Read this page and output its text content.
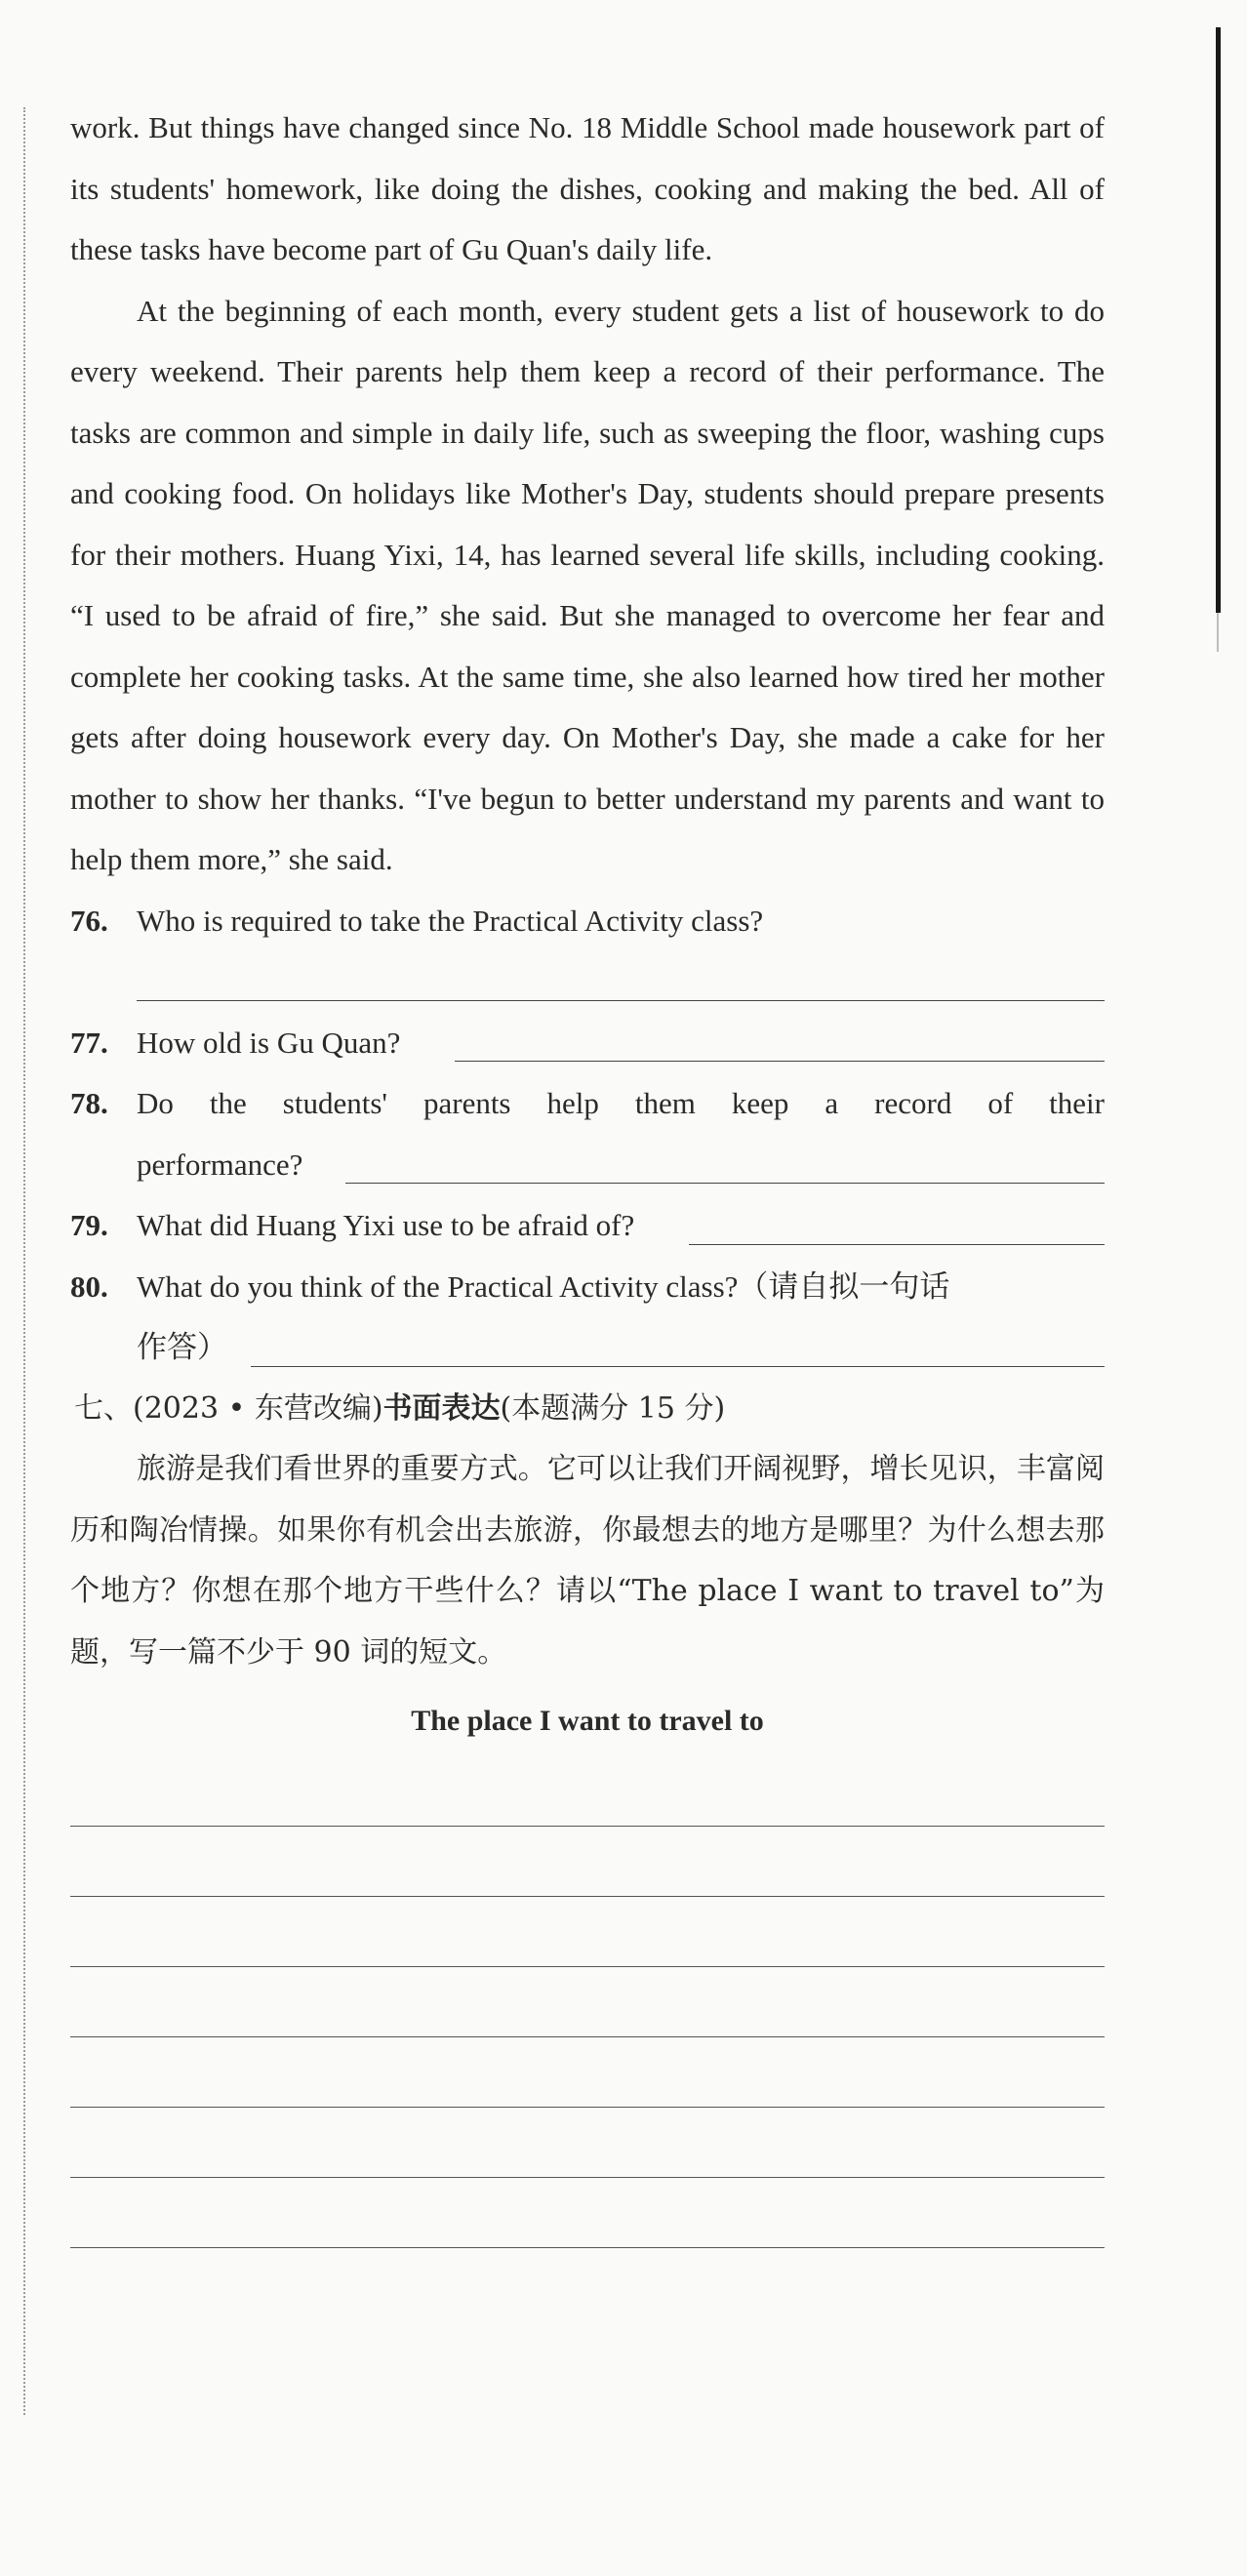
work. But things have changed since No. 18 Middle School made housework part of its students' homework, like doing the dishes, cooking and making the bed. All of these tasks have become part of Gu Quan's daily life.

At the beginning of each month, every student gets a list of housework to do every weekend. Their parents help them keep a record of their performance. The tasks are common and simple in daily life, such as sweeping the floor, washing cups and cooking food. On holidays like Mother's Day, students should prepare presents for their mothers. Huang Yixi, 14, has learned several life skills, including cooking. “I used to be afraid of fire,” she said. But she managed to overcome her fear and complete her cooking tasks. At the same time, she also learned how tired her mother gets after doing housework every day. On Mother's Day, she made a cake for her mother to show her thanks. “I've begun to better understand my parents and want to help them more,” she said.

76. Who is required to take the Practical Activity class?
77. How old is Gu Quan?
78. Do the students' parents help them keep a record of their
performance?
79. What did Huang Yixi use to be afraid of?
80. What do you think of the Practical Activity class?（请自拟一句话
作答）

七、(2023 • 东营改编)书面表达(本题满分 15 分)

旅游是我们看世界的重要方式。它可以让我们开阔视野，增长见识，丰富阅历和陶冶情操。如果你有机会出去旅游，你最想去的地方是哪里？为什么想去那个地方？你想在那个地方干些什么？请以“The place I want to travel to”为题，写一篇不少于 90 词的短文。

The place I want to travel to
